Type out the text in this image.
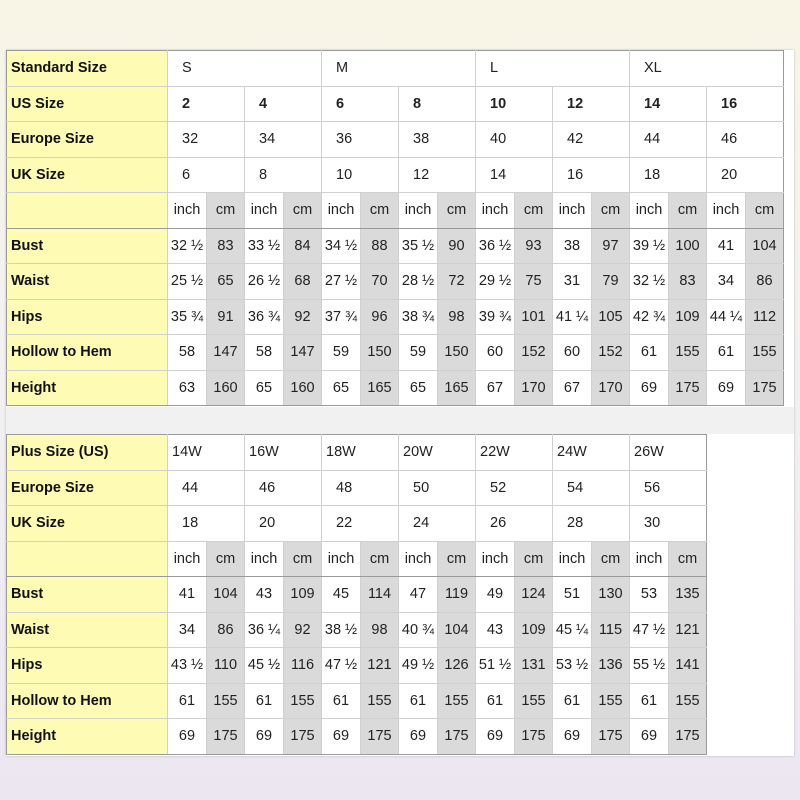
Standard Size	S				M				L				XL			
US Size	2		4		6		8		10		12		14		16	
Europe Size	32		34		36		38		40		42		44		46	
UK Size	6		8		10		12		14		16		18		20	
	inch	cm	inch	cm	inch	cm	inch	cm	inch	cm	inch	cm	inch	cm	inch	cm
Bust	32 ½	83	33 ½	84	34 ½	88	35 ½	90	36 ½	93	38	97	39 ½	100	41	104
Waist	25 ½	65	26 ½	68	27 ½	70	28 ½	72	29 ½	75	31	79	32 ½	83	34	86
Hips	35 ¾	91	36 ¾	92	37 ¾	96	38 ¾	98	39 ¾	101	41 ¼	105	42 ¾	109	44 ¼	112
Hollow to Hem	58	147	58	147	59	150	59	150	60	152	60	152	61	155	61	155
Height	63	160	65	160	65	165	65	165	67	170	67	170	69	175	69	175
Plus Size (US)	14W		16W		18W		20W		22W		24W		26W	
Europe Size	44		46		48		50		52		54		56	
UK Size	18		20		22		24		26		28		30	
	inch	cm	inch	cm	inch	cm	inch	cm	inch	cm	inch	cm	inch	cm
Bust	41	104	43	109	45	114	47	119	49	124	51	130	53	135
Waist	34	86	36 ¼	92	38 ½	98	40 ¾	104	43	109	45 ¼	115	47 ½	121
Hips	43 ½	110	45 ½	116	47 ½	121	49 ½	126	51 ½	131	53 ½	136	55 ½	141
Hollow to Hem	61	155	61	155	61	155	61	155	61	155	61	155	61	155
Height	69	175	69	175	69	175	69	175	69	175	69	175	69	175
